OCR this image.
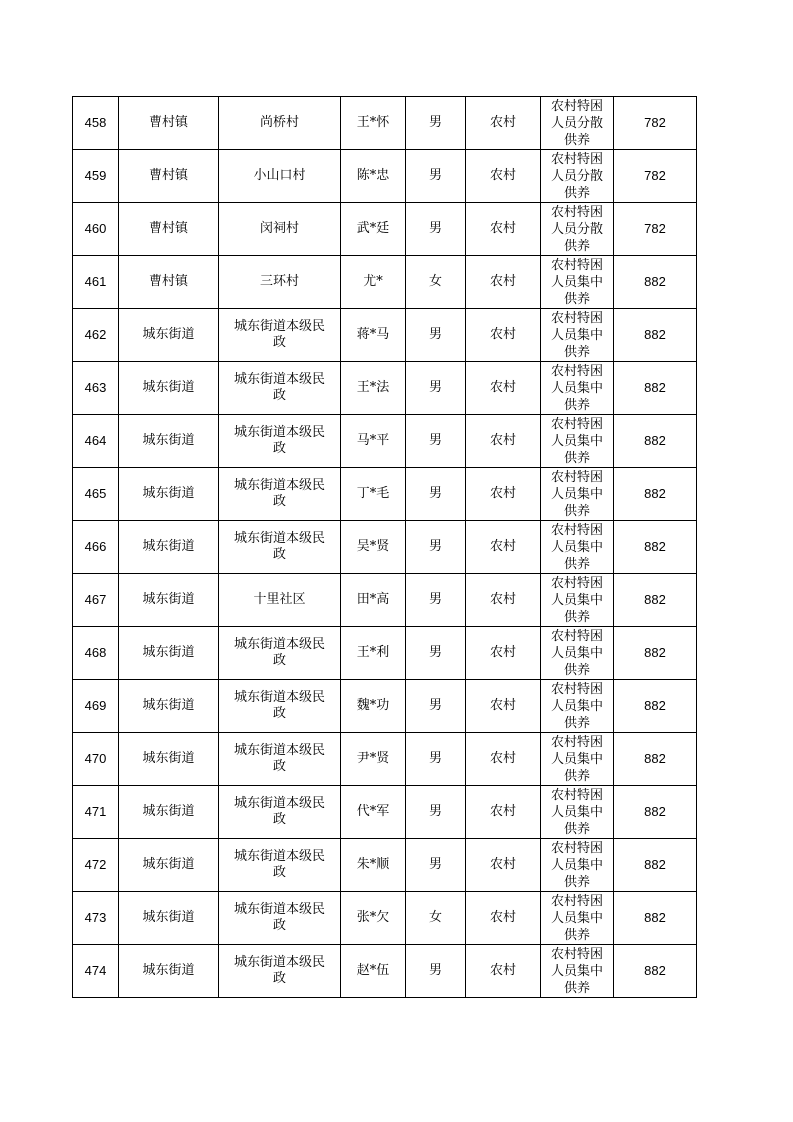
458	曹村镇	尚桥村	王*怀	男	农村	农村特困人员分散供养	782
459	曹村镇	小山口村	陈*忠	男	农村	农村特困人员分散供养	782
460	曹村镇	闵祠村	武*廷	男	农村	农村特困人员分散供养	782
461	曹村镇	三环村	尤*	女	农村	农村特困人员集中供养	882
462	城东街道	城东街道本级民政	蒋*马	男	农村	农村特困人员集中供养	882
463	城东街道	城东街道本级民政	王*法	男	农村	农村特困人员集中供养	882
464	城东街道	城东街道本级民政	马*平	男	农村	农村特困人员集中供养	882
465	城东街道	城东街道本级民政	丁*毛	男	农村	农村特困人员集中供养	882
466	城东街道	城东街道本级民政	吴*贤	男	农村	农村特困人员集中供养	882
467	城东街道	十里社区	田*高	男	农村	农村特困人员集中供养	882
468	城东街道	城东街道本级民政	王*利	男	农村	农村特困人员集中供养	882
469	城东街道	城东街道本级民政	魏*功	男	农村	农村特困人员集中供养	882
470	城东街道	城东街道本级民政	尹*贤	男	农村	农村特困人员集中供养	882
471	城东街道	城东街道本级民政	代*军	男	农村	农村特困人员集中供养	882
472	城东街道	城东街道本级民政	朱*顺	男	农村	农村特困人员集中供养	882
473	城东街道	城东街道本级民政	张*欠	女	农村	农村特困人员集中供养	882
474	城东街道	城东街道本级民政	赵*伍	男	农村	农村特困人员集中供养	882
